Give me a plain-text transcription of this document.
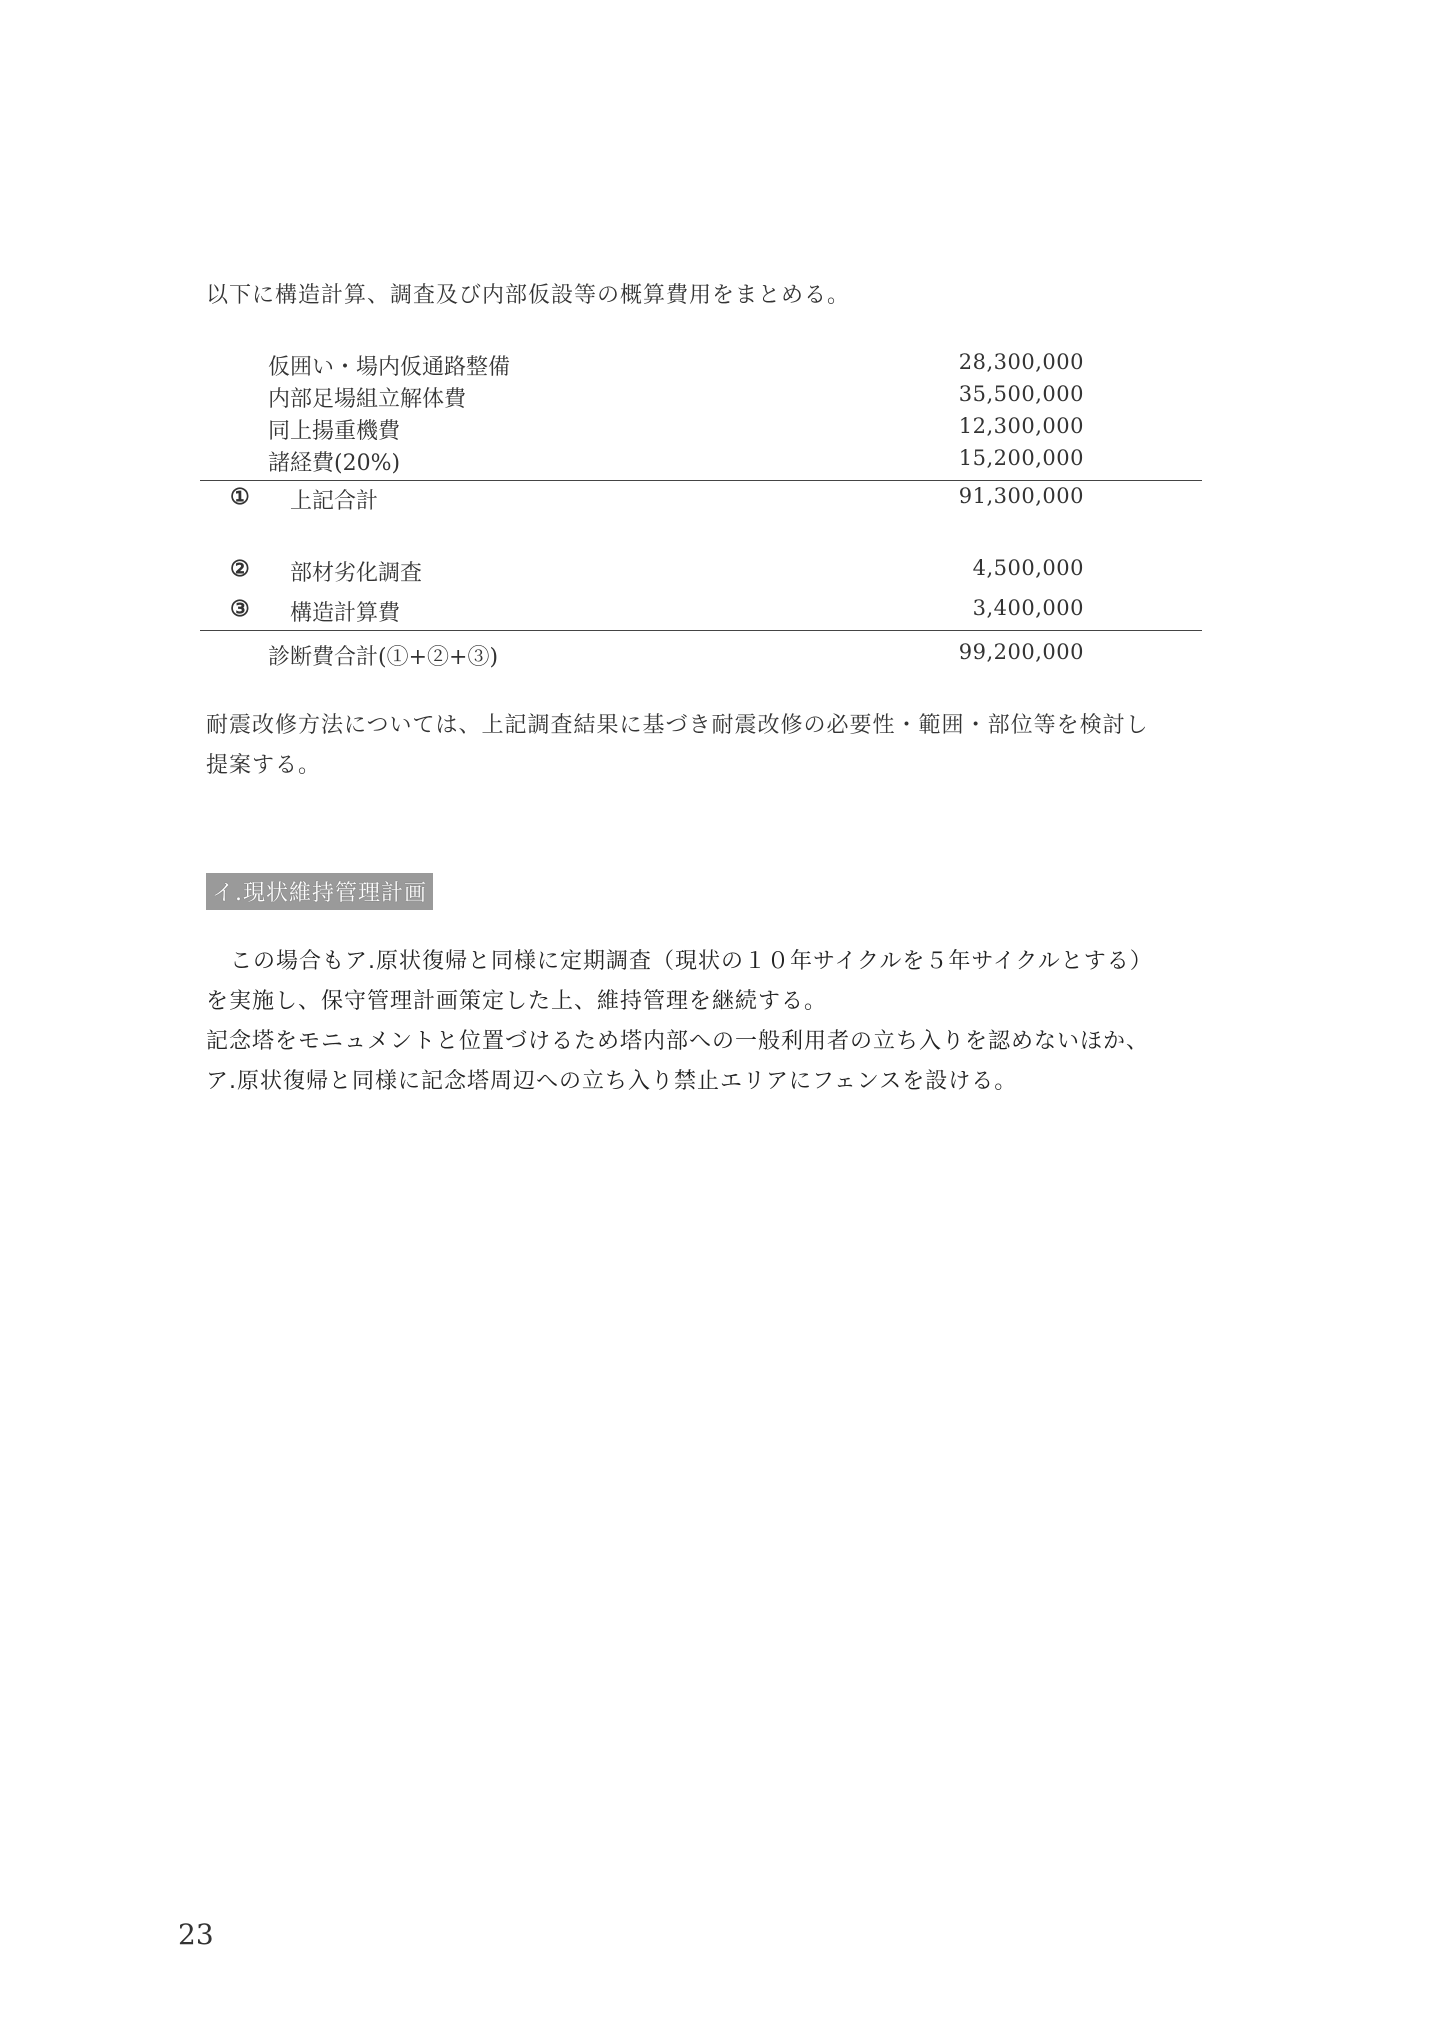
以下に構造計算、調査及び内部仮設等の概算費用をまとめる。
仮囲い・場内仮通路整備	28,300,000
内部足場組立解体費	35,500,000
同上揚重機費	12,300,000
諸経費(20%)	15,200,000
① 上記合計	91,300,000
② 部材劣化調査	4,500,000
③ 構造計算費	3,400,000
診断費合計(①+②+③)	99,200,000
耐震改修方法については、上記調査結果に基づき耐震改修の必要性・範囲・部位等を検討し
提案する。
イ.現状維持管理計画

この場合もア.原状復帰と同様に定期調査（現状の１０年サイクルを５年サイクルとする）

を実施し、保守管理計画策定した上、維持管理を継続する。

記念塔をモニュメントと位置づけるため塔内部への一般利用者の立ち入りを認めないほか、

ア.原状復帰と同様に記念塔周辺への立ち入り禁止エリアにフェンスを設ける。

23
